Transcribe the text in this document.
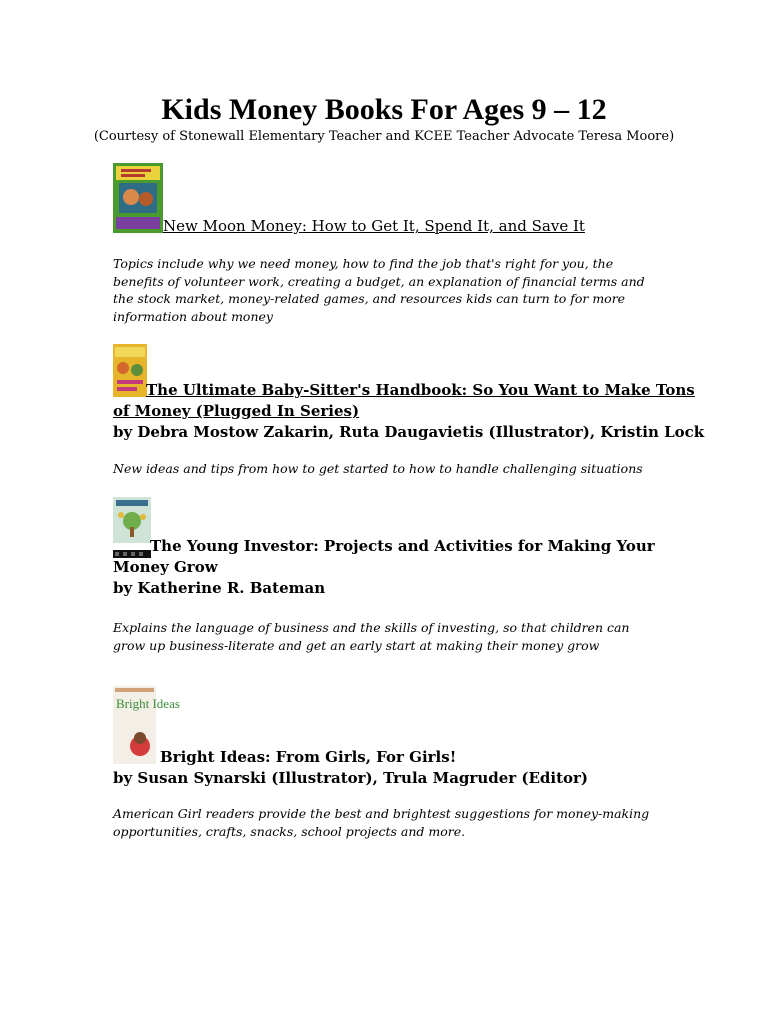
Kids Money Books For Ages 9 – 12
(Courtesy of Stonewall Elementary Teacher and KCEE Teacher Advocate Teresa Moore)
New Moon Money: How to Get It, Spend It, and Save It
Topics include why we need money, how to find the job that's right for you, the benefits of volunteer work, creating a budget, an explanation of financial terms and the stock market, money-related games, and resources kids can turn to for more information about money
The Ultimate Baby-Sitter's Handbook: So You Want to Make Tons
of Money (Plugged In Series)
by Debra Mostow Zakarin, Ruta Daugavietis (Illustrator), Kristin Lock
New ideas and tips from how to get started to how to handle challenging situations
The Young Investor: Projects and Activities for Making Your
Money Grow
by Katherine R. Bateman
Explains the language of business and the skills of investing, so that children can grow up business-literate and get an early start at making their money grow
Bright Ideas
Bright Ideas: From Girls, For Girls!
by Susan Synarski (Illustrator), Trula Magruder (Editor)
American Girl readers provide the best and brightest suggestions for money-making opportunities, crafts, snacks, school projects and more.
